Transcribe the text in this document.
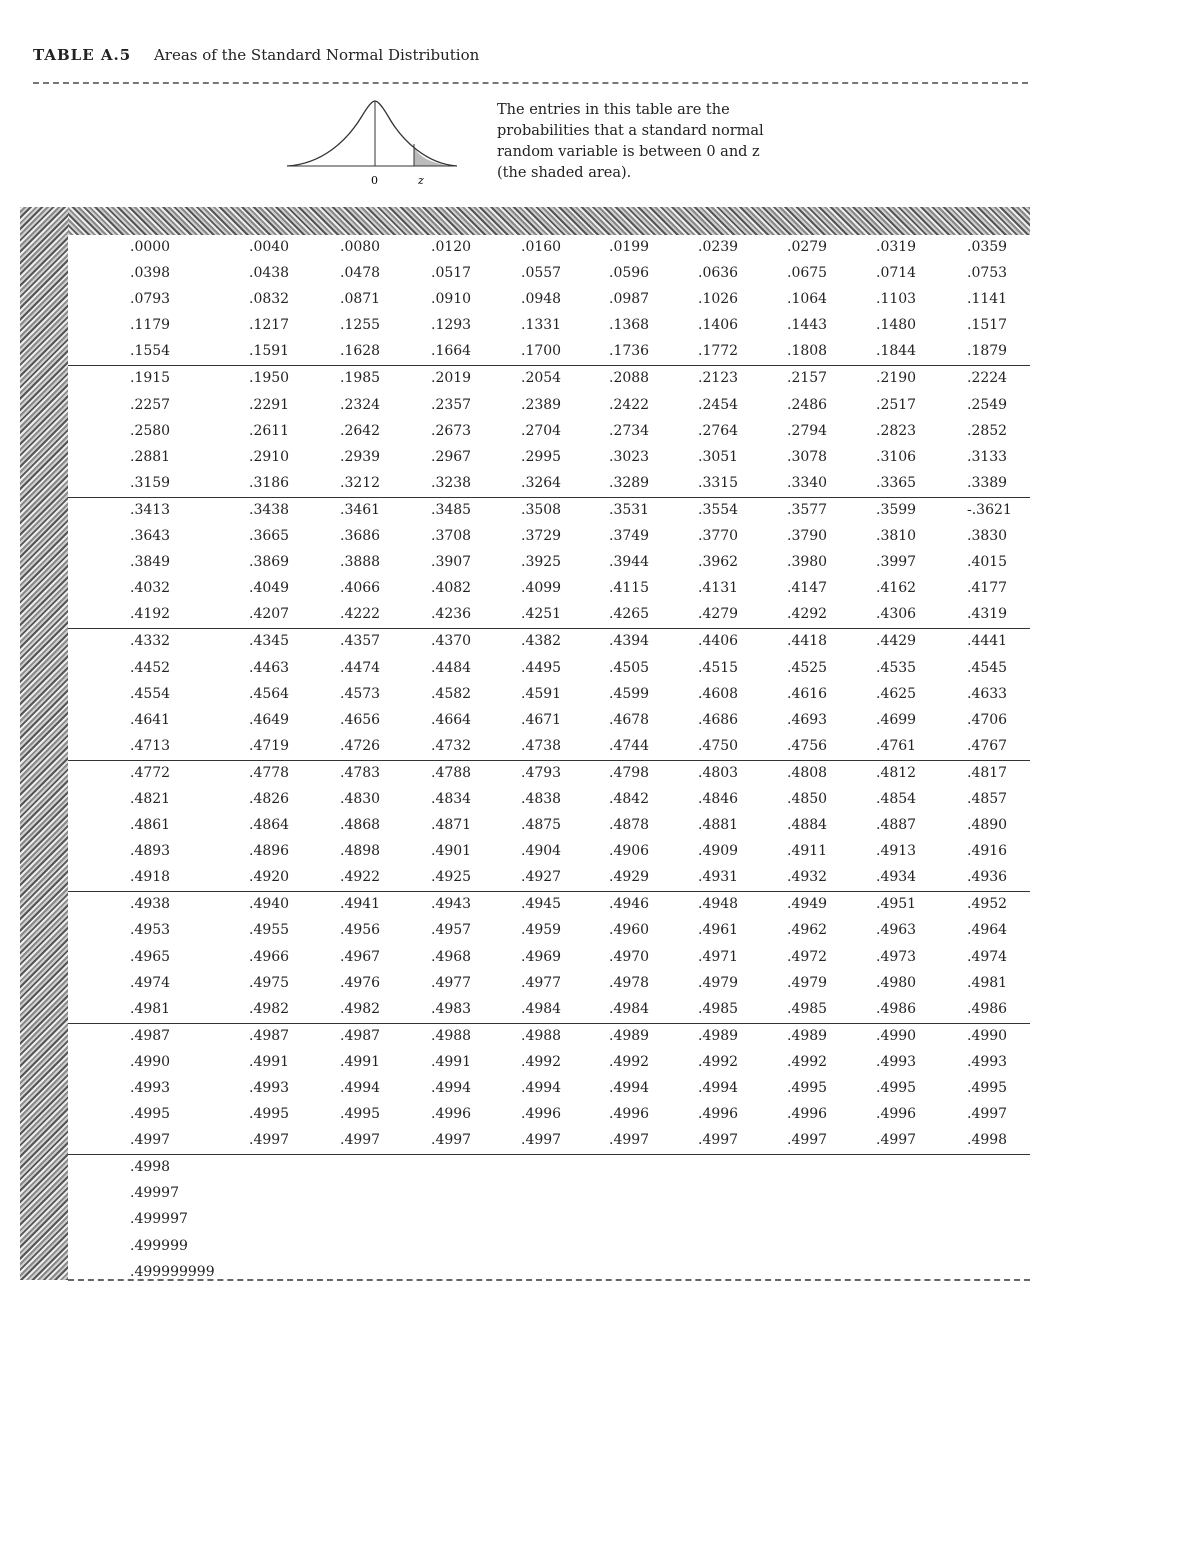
TABLE A.5 Areas of the Standard Normal Distribution
0	z
The entries in this table are the
probabilities that a standard normal
random variable is between 0 and z
(the shaded area).
.0000	.0040	.0080	.0120	.0160	.0199	.0239	.0279	.0319	.0359
.0398	.0438	.0478	.0517	.0557	.0596	.0636	.0675	.0714	.0753
.0793	.0832	.0871	.0910	.0948	.0987	.1026	.1064	.1103	.1141
.1179	.1217	.1255	.1293	.1331	.1368	.1406	.1443	.1480	.1517
.1554	.1591	.1628	.1664	.1700	.1736	.1772	.1808	.1844	.1879
.1915	.1950	.1985	.2019	.2054	.2088	.2123	.2157	.2190	.2224
.2257	.2291	.2324	.2357	.2389	.2422	.2454	.2486	.2517	.2549
.2580	.2611	.2642	.2673	.2704	.2734	.2764	.2794	.2823	.2852
.2881	.2910	.2939	.2967	.2995	.3023	.3051	.3078	.3106	.3133
.3159	.3186	.3212	.3238	.3264	.3289	.3315	.3340	.3365	.3389
.3413	.3438	.3461	.3485	.3508	.3531	.3554	.3577	.3599	-.3621
.3643	.3665	.3686	.3708	.3729	.3749	.3770	.3790	.3810	.3830
.3849	.3869	.3888	.3907	.3925	.3944	.3962	.3980	.3997	.4015
.4032	.4049	.4066	.4082	.4099	.4115	.4131	.4147	.4162	.4177
.4192	.4207	.4222	.4236	.4251	.4265	.4279	.4292	.4306	.4319
.4332	.4345	.4357	.4370	.4382	.4394	.4406	.4418	.4429	.4441
.4452	.4463	.4474	.4484	.4495	.4505	.4515	.4525	.4535	.4545
.4554	.4564	.4573	.4582	.4591	.4599	.4608	.4616	.4625	.4633
.4641	.4649	.4656	.4664	.4671	.4678	.4686	.4693	.4699	.4706
.4713	.4719	.4726	.4732	.4738	.4744	.4750	.4756	.4761	.4767
.4772	.4778	.4783	.4788	.4793	.4798	.4803	.4808	.4812	.4817
.4821	.4826	.4830	.4834	.4838	.4842	.4846	.4850	.4854	.4857
.4861	.4864	.4868	.4871	.4875	.4878	.4881	.4884	.4887	.4890
.4893	.4896	.4898	.4901	.4904	.4906	.4909	.4911	.4913	.4916
.4918	.4920	.4922	.4925	.4927	.4929	.4931	.4932	.4934	.4936
.4938	.4940	.4941	.4943	.4945	.4946	.4948	.4949	.4951	.4952
.4953	.4955	.4956	.4957	.4959	.4960	.4961	.4962	.4963	.4964
.4965	.4966	.4967	.4968	.4969	.4970	.4971	.4972	.4973	.4974
.4974	.4975	.4976	.4977	.4977	.4978	.4979	.4979	.4980	.4981
.4981	.4982	.4982	.4983	.4984	.4984	.4985	.4985	.4986	.4986
.4987	.4987	.4987	.4988	.4988	.4989	.4989	.4989	.4990	.4990
.4990	.4991	.4991	.4991	.4992	.4992	.4992	.4992	.4993	.4993
.4993	.4993	.4994	.4994	.4994	.4994	.4994	.4995	.4995	.4995
.4995	.4995	.4995	.4996	.4996	.4996	.4996	.4996	.4996	.4997
.4997	.4997	.4997	.4997	.4997	.4997	.4997	.4997	.4997	.4998
.4998
.49997
.499997
.499999
.499999999
